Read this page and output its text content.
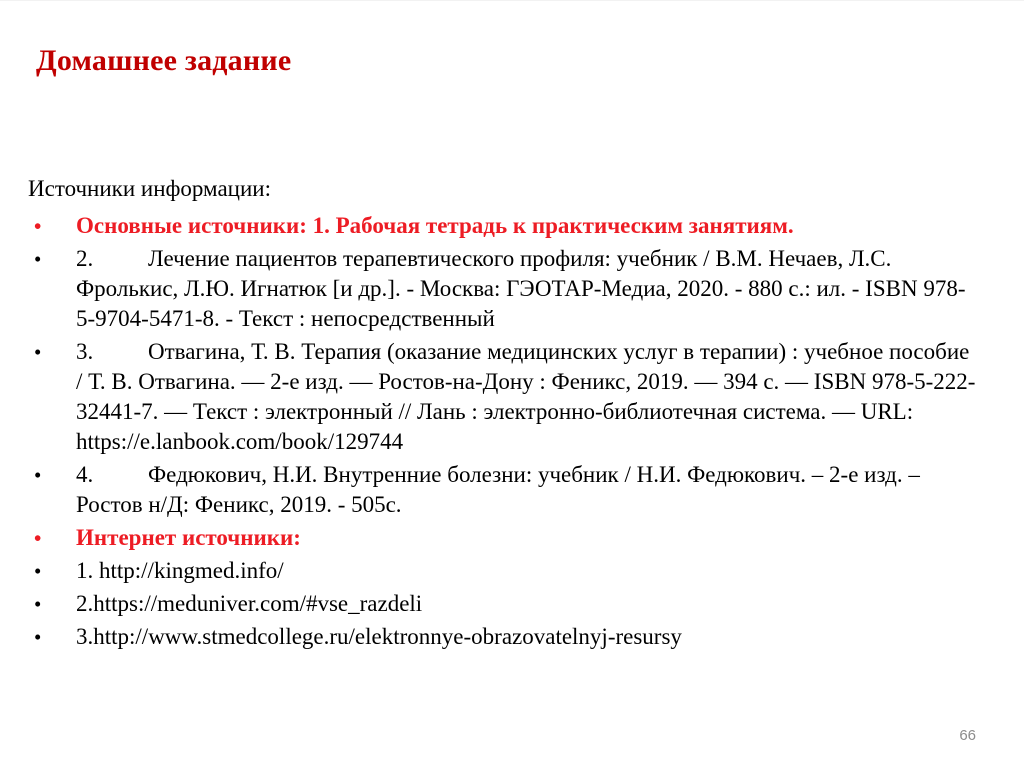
Домашнее задание

Источники информации:

• Основные источники: 1. Рабочая тетрадь к практическим занятиям.
• 2. Лечение пациентов терапевтического профиля: учебник / В.М. Нечаев, Л.С. Фролькис, Л.Ю. Игнатюк [и др.]. - Москва: ГЭОТАР-Медиа, 2020. - 880 с.: ил. - ISBN 978-5-9704-5471-8. - Текст : непосредственный
• 3. Отвагина, Т. В. Терапия (оказание медицинских услуг в терапии) : учебное пособие / Т. В. Отвагина. — 2-е изд. — Ростов-на-Дону : Феникс, 2019. — 394 с. — ISBN 978-5-222-32441-7. — Текст : электронный // Лань : электронно-библиотечная система. — URL: https://e.lanbook.com/book/129744
• 4. Федюкович, Н.И. Внутренние болезни: учебник / Н.И. Федюкович. – 2-е изд. – Ростов н/Д: Феникс, 2019. - 505с.
• Интернет источники:
• 1. http://kingmed.info/
• 2.https://meduniver.com/#vse_razdeli
• 3.http://www.stmedcollege.ru/elektronnye-obrazovatelnyj-resursy
66
